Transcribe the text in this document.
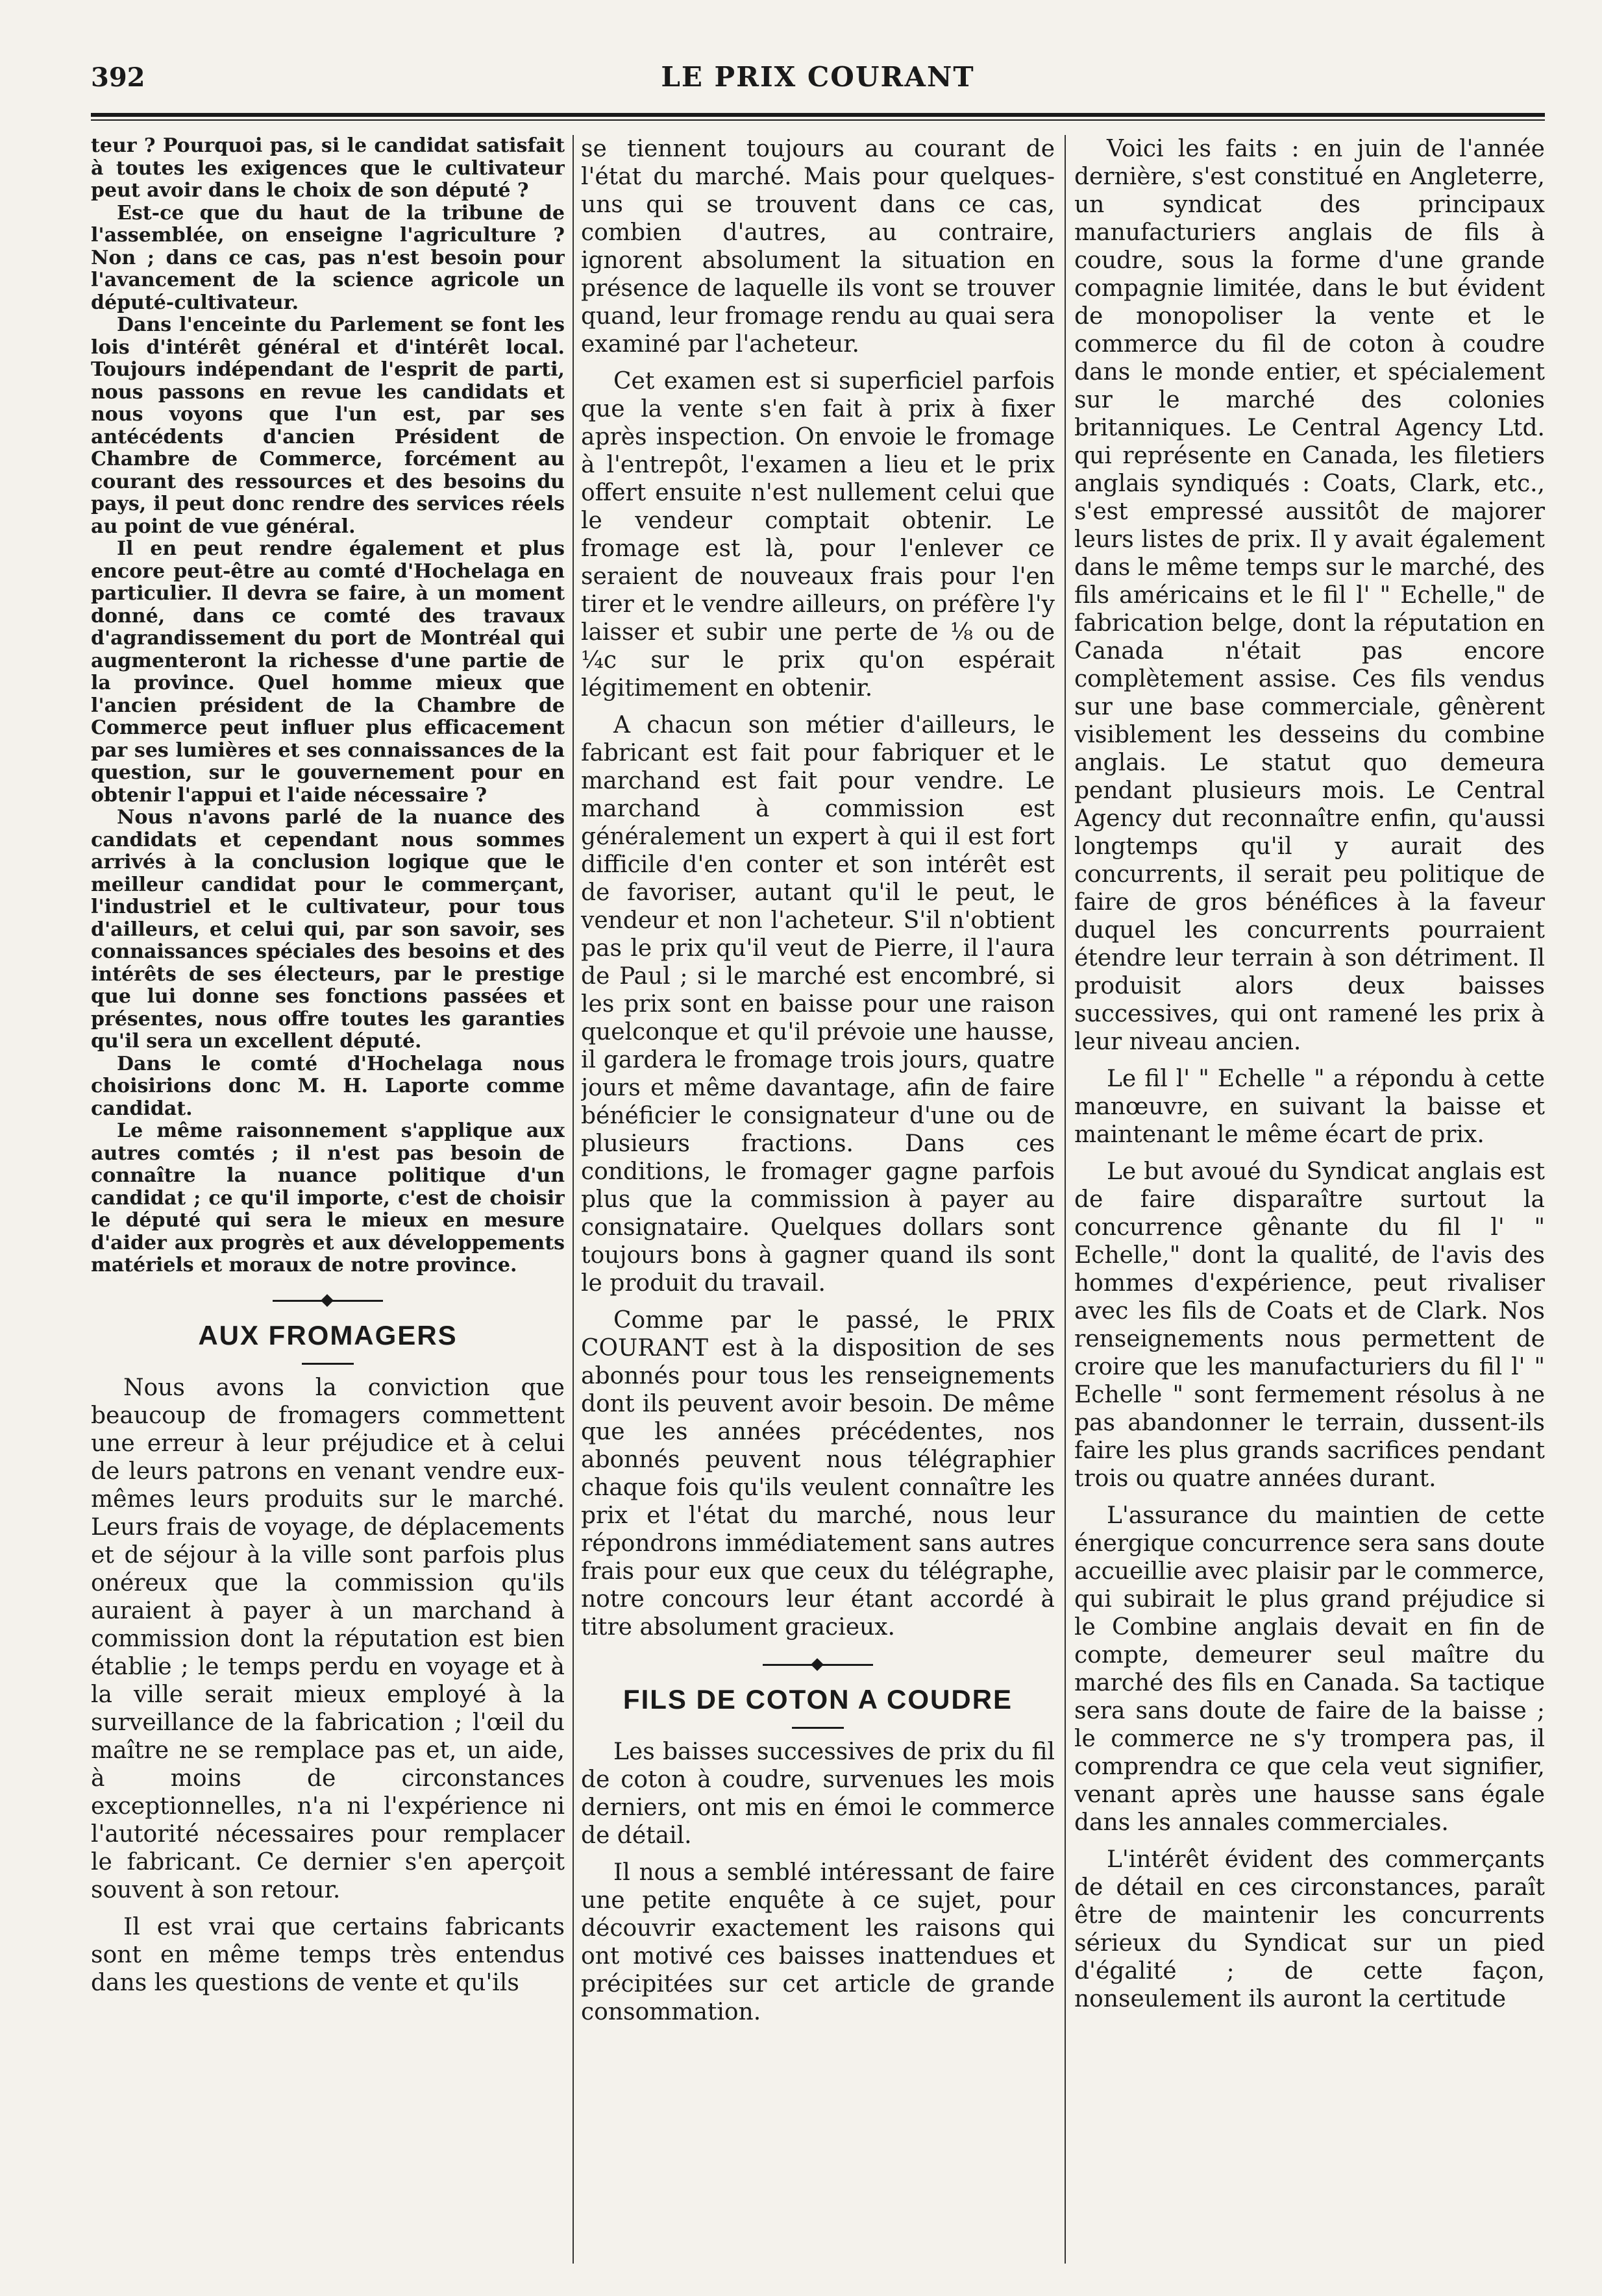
392	LE PRIX COURANT

teur ? Pourquoi pas, si le candidat satisfait à toutes les exigences que le cultivateur peut avoir dans le choix de son député ?

Est-ce que du haut de la tribune de l'assemblée, on enseigne l'agriculture ? Non ; dans ce cas, pas n'est besoin pour l'avancement de la science agricole un député-cultivateur.

Dans l'enceinte du Parlement se font les lois d'intérêt général et d'intérêt local. Toujours indépendant de l'esprit de parti, nous passons en revue les candidats et nous voyons que l'un est, par ses antécédents d'ancien Président de Chambre de Commerce, forcément au courant des ressources et des besoins du pays, il peut donc rendre des services réels au point de vue général.

Il en peut rendre également et plus encore peut-être au comté d'Hochelaga en particulier. Il devra se faire, à un moment donné, dans ce comté des travaux d'agrandissement du port de Montréal qui augmenteront la richesse d'une partie de la province. Quel homme mieux que l'ancien président de la Chambre de Commerce peut influer plus efficacement par ses lumières et ses connaissances de la question, sur le gouvernement pour en obtenir l'appui et l'aide nécessaire ?

Nous n'avons parlé de la nuance des candidats et cependant nous sommes arrivés à la conclusion logique que le meilleur candidat pour le commerçant, l'industriel et le cultivateur, pour tous d'ailleurs, et celui qui, par son savoir, ses connaissances spéciales des besoins et des intérêts de ses électeurs, par le prestige que lui donne ses fonctions passées et présentes, nous offre toutes les garanties qu'il sera un excellent député.

Dans le comté d'Hochelaga nous choisirions donc M. H. Laporte comme candidat.

Le même raisonnement s'applique aux autres comtés ; il n'est pas besoin de connaître la nuance politique d'un candidat ; ce qu'il importe, c'est de choisir le député qui sera le mieux en mesure d'aider aux progrès et aux développements matériels et moraux de notre province.

AUX FROMAGERS

Nous avons la conviction que beaucoup de fromagers commettent une erreur à leur préjudice et à celui de leurs patrons en venant vendre eux-mêmes leurs produits sur le marché. Leurs frais de voyage, de déplacements et de séjour à la ville sont parfois plus onéreux que la commission qu'ils auraient à payer à un marchand à commission dont la réputation est bien établie ; le temps perdu en voyage et à la ville serait mieux employé à la surveillance de la fabrication ; l'œil du maître ne se remplace pas et, un aide, à moins de circonstances exceptionnelles, n'a ni l'expérience ni l'autorité nécessaires pour remplacer le fabricant. Ce dernier s'en aperçoit souvent à son retour.

Il est vrai que certains fabricants sont en même temps très entendus dans les questions de vente et qu'ils

se tiennent toujours au courant de l'état du marché. Mais pour quelques-uns qui se trouvent dans ce cas, combien d'autres, au contraire, ignorent absolument la situation en présence de laquelle ils vont se trouver quand, leur fromage rendu au quai sera examiné par l'acheteur.

Cet examen est si superficiel parfois que la vente s'en fait à prix à fixer après inspection. On envoie le fromage à l'entrepôt, l'examen a lieu et le prix offert ensuite n'est nullement celui que le vendeur comptait obtenir. Le fromage est là, pour l'enlever ce seraient de nouveaux frais pour l'en tirer et le vendre ailleurs, on préfère l'y laisser et subir une perte de ⅛ ou de ¼c sur le prix qu'on espérait légitimement en obtenir.

A chacun son métier d'ailleurs, le fabricant est fait pour fabriquer et le marchand est fait pour vendre. Le marchand à commission est généralement un expert à qui il est fort difficile d'en conter et son intérêt est de favoriser, autant qu'il le peut, le vendeur et non l'acheteur. S'il n'obtient pas le prix qu'il veut de Pierre, il l'aura de Paul ; si le marché est encombré, si les prix sont en baisse pour une raison quelconque et qu'il prévoie une hausse, il gardera le fromage trois jours, quatre jours et même davantage, afin de faire bénéficier le consignateur d'une ou de plusieurs fractions. Dans ces conditions, le fromager gagne parfois plus que la commission à payer au consignataire. Quelques dollars sont toujours bons à gagner quand ils sont le produit du travail.

Comme par le passé, le PRIX COURANT est à la disposition de ses abonnés pour tous les renseignements dont ils peuvent avoir besoin. De même que les années précédentes, nos abonnés peuvent nous télégraphier chaque fois qu'ils veulent connaître les prix et l'état du marché, nous leur répondrons immédiatement sans autres frais pour eux que ceux du télégraphe, notre concours leur étant accordé à titre absolument gracieux.

FILS DE COTON A COUDRE

Les baisses successives de prix du fil de coton à coudre, survenues les mois derniers, ont mis en émoi le commerce de détail.

Il nous a semblé intéressant de faire une petite enquête à ce sujet, pour découvrir exactement les raisons qui ont motivé ces baisses inattendues et précipitées sur cet article de grande consommation.

Voici les faits : en juin de l'année dernière, s'est constitué en Angleterre, un syndicat des principaux manufacturiers anglais de fils à coudre, sous la forme d'une grande compagnie limitée, dans le but évident de monopoliser la vente et le commerce du fil de coton à coudre dans le monde entier, et spécialement sur le marché des colonies britanniques. Le Central Agency Ltd. qui représente en Canada, les filetiers anglais syndiqués : Coats, Clark, etc., s'est empressé aussitôt de majorer leurs listes de prix. Il y avait également dans le même temps sur le marché, des fils américains et le fil l' " Echelle," de fabrication belge, dont la réputation en Canada n'était pas encore complètement assise. Ces fils vendus sur une base commerciale, gênèrent visiblement les desseins du combine anglais. Le statut quo demeura pendant plusieurs mois. Le Central Agency dut reconnaître enfin, qu'aussi longtemps qu'il y aurait des concurrents, il serait peu politique de faire de gros bénéfices à la faveur duquel les concurrents pourraient étendre leur terrain à son détriment. Il produisit alors deux baisses successives, qui ont ramené les prix à leur niveau ancien.

Le fil l' " Echelle " a répondu à cette manœuvre, en suivant la baisse et maintenant le même écart de prix.

Le but avoué du Syndicat anglais est de faire disparaître surtout la concurrence gênante du fil l' " Echelle," dont la qualité, de l'avis des hommes d'expérience, peut rivaliser avec les fils de Coats et de Clark. Nos renseignements nous permettent de croire que les manufacturiers du fil l' " Echelle " sont fermement résolus à ne pas abandonner le terrain, dussent-ils faire les plus grands sacrifices pendant trois ou quatre années durant.

L'assurance du maintien de cette énergique concurrence sera sans doute accueillie avec plaisir par le commerce, qui subirait le plus grand préjudice si le Combine anglais devait en fin de compte, demeurer seul maître du marché des fils en Canada. Sa tactique sera sans doute de faire de la baisse ; le commerce ne s'y trompera pas, il comprendra ce que cela veut signifier, venant après une hausse sans égale dans les annales commerciales.

L'intérêt évident des commerçants de détail en ces circonstances, paraît être de maintenir les concurrents sérieux du Syndicat sur un pied d'égalité ; de cette façon, nonseulement ils auront la certitude
